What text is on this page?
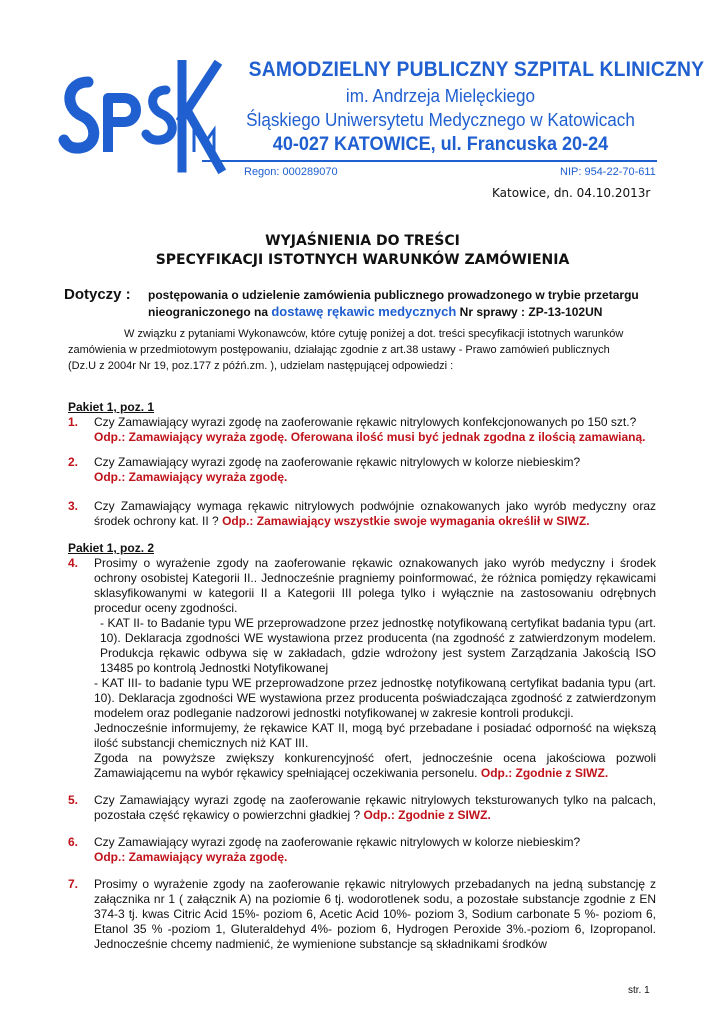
SAMODZIELNY PUBLICZNY SZPITAL KLINICZNY
im. Andrzeja Mielęckiego
Śląskiego Uniwersytetu Medycznego w Katowicach
40-027 KATOWICE, ul. Francuska 20-24
Regon: 000289070	NIP: 954-22-70-611
Katowice, dn. 04.10.2013r
WYJAŚNIENIA DO TREŚCI
SPECYFIKACJI ISTOTNYCH WARUNKÓW ZAMÓWIENIA
Dotyczy : postępowania o udzielenie zamówienia publicznego prowadzonego w trybie przetargu
nieograniczonego na dostawę rękawic medycznych Nr sprawy : ZP-13-102UN
W związku z pytaniami Wykonawców, które cytuję poniżej a dot. treści specyfikacji istotnych warunków
zamówienia w przedmiotowym postępowaniu, działając zgodnie z art.38 ustawy - Prawo zamówień publicznych
(Dz.U z 2004r Nr 19, poz.177 z późń.zm. ), udzielam następującej odpowiedzi :
Pakiet 1, poz. 1
1. Czy Zamawiający wyrazi zgodę na zaoferowanie rękawic nitrylowych konfekcjonowanych po 150 szt.?
Odp.: Zamawiający wyraża zgodę. Oferowana ilość musi być jednak zgodna z ilością zamawianą.
2. Czy Zamawiający wyrazi zgodę na zaoferowanie rękawic nitrylowych w kolorze niebieskim?
Odp.: Zamawiający wyraża zgodę.
3. Czy Zamawiający wymaga rękawic nitrylowych podwójnie oznakowanych jako wyrób medyczny oraz środek ochrony kat. II ? Odp.: Zamawiający wszystkie swoje wymagania określił w SIWZ.
Pakiet 1, poz. 2
4. Prosimy o wyrażenie zgody na zaoferowanie rękawic oznakowanych jako wyrób medyczny i środek ochrony osobistej Kategorii II.. Jednocześnie pragniemy poinformować, że różnica pomiędzy rękawicami sklasyfikowanymi w kategorii II a Kategorii III polega tylko i wyłącznie na zastosowaniu odrębnych procedur oceny zgodności.

- KAT II- to Badanie typu WE przeprowadzone przez jednostkę notyfikowaną certyfikat badania typu (art. 10). Deklaracja zgodności WE wystawiona przez producenta (na zgodność z zatwierdzonym modelem. Produkcja rękawic odbywa się w zakładach, gdzie wdrożony jest system Zarządzania Jakością ISO 13485 po kontrolą Jednostki Notyfikowanej

- KAT III- to badanie typu WE przeprowadzone przez jednostkę notyfikowaną certyfikat badania typu (art. 10). Deklaracja zgodności WE wystawiona przez producenta poświadczająca zgodność z zatwierdzonym modelem oraz podleganie nadzorowi jednostki notyfikowanej w zakresie kontroli produkcji.

Jednocześnie informujemy, że rękawice KAT II, mogą być przebadane i posiadać odporność na większą ilość substancji chemicznych niż KAT III.

Zgoda na powyższe zwiększy konkurencyjność ofert, jednocześnie ocena jakościowa pozwoli Zamawiającemu na wybór rękawicy spełniającej oczekiwania personelu. Odp.: Zgodnie z SIWZ.

5. Czy Zamawiający wyrazi zgodę na zaoferowanie rękawic nitrylowych teksturowanych tylko na palcach, pozostała część rękawicy o powierzchni gładkiej ? Odp.: Zgodnie z SIWZ.
6. Czy Zamawiający wyrazi zgodę na zaoferowanie rękawic nitrylowych w kolorze niebieskim?
Odp.: Zamawiający wyraża zgodę.
7. Prosimy o wyrażenie zgody na zaoferowanie rękawic nitrylowych przebadanych na jedną substancję z załącznika nr 1 ( załącznik A) na poziomie 6 tj. wodorotlenek sodu, a pozostałe substancje zgodnie z EN 374-3 tj. kwas Citric Acid 15%- poziom 6, Acetic Acid 10%- poziom 3, Sodium carbonate 5 %- poziom 6, Etanol 35 % -poziom 1, Gluteraldehyd 4%- poziom 6, Hydrogen Peroxide 3%.-poziom 6, Izopropanol. Jednocześnie chcemy nadmienić, że wymienione substancje są składnikami środków
str. 1
